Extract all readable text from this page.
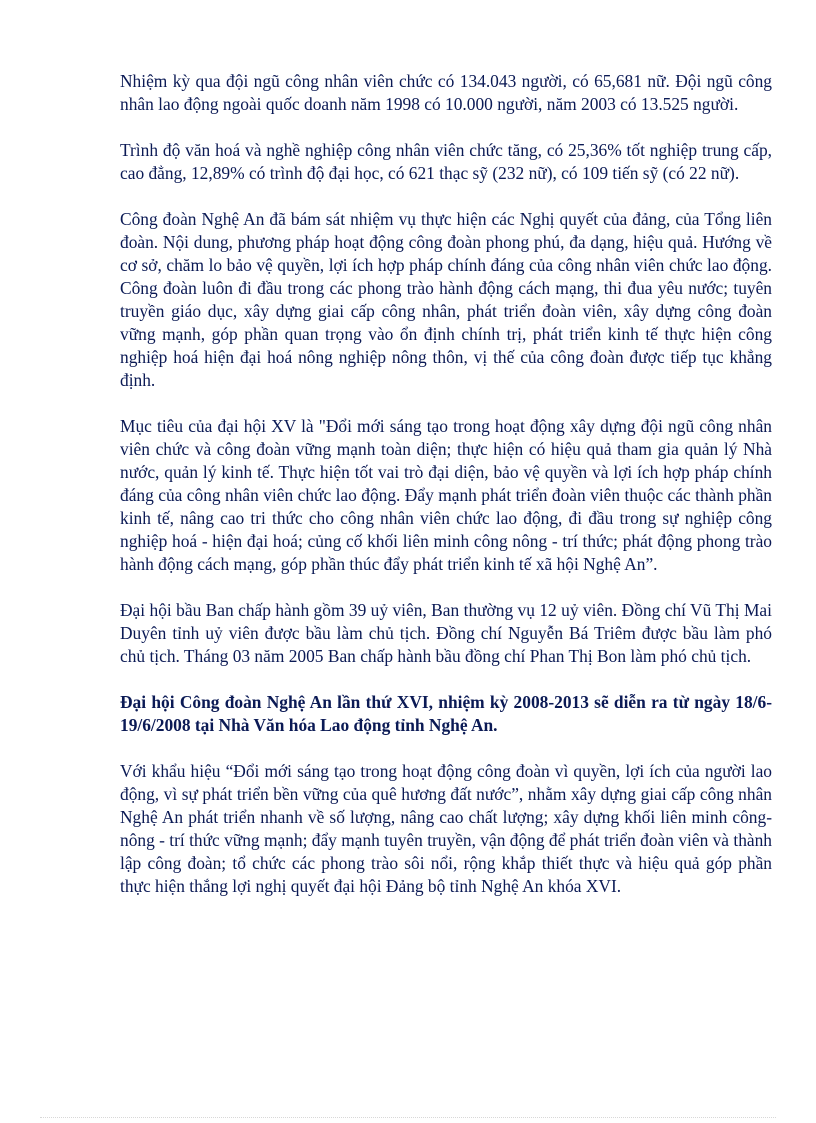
Nhiệm kỳ qua đội ngũ công nhân viên chức có 134.043 người, có 65,681 nữ. Đội ngũ công nhân lao động ngoài quốc doanh năm 1998 có 10.000 người, năm 2003 có 13.525 người.

Trình độ văn hoá và nghề nghiệp công nhân viên chức tăng, có 25,36% tốt nghiệp trung cấp, cao đẳng, 12,89% có trình độ đại học, có 621 thạc sỹ (232 nữ), có 109 tiến sỹ (có 22 nữ).

Công đoàn Nghệ An đã bám sát nhiệm vụ thực hiện các Nghị quyết của đảng, của Tổng liên đoàn. Nội dung, phương pháp hoạt động công đoàn phong phú, đa dạng, hiệu quả. Hướng về cơ sở, chăm lo bảo vệ quyền, lợi ích hợp pháp chính đáng của công nhân viên chức lao động. Công đoàn luôn đi đầu trong các phong trào hành động cách mạng, thi đua yêu nước; tuyên truyền giáo dục, xây dựng giai cấp công nhân, phát triển đoàn viên, xây dựng công đoàn vững mạnh, góp phần quan trọng vào ổn định chính trị, phát triển kinh tế thực hiện công nghiệp hoá hiện đại hoá nông nghiệp nông thôn, vị thế của công đoàn được tiếp tục khẳng định.

Mục tiêu của đại hội XV là "Đổi mới sáng tạo trong hoạt động xây dựng đội ngũ công nhân viên chức và công đoàn vững mạnh toàn diện; thực hiện có hiệu quả tham gia quản lý Nhà nước, quản lý kinh tế. Thực hiện tốt vai trò đại diện, bảo vệ quyền và lợi ích hợp pháp chính đáng của công nhân viên chức lao động. Đẩy mạnh phát triển đoàn viên thuộc các thành phần kinh tế, nâng cao tri thức cho công nhân viên chức lao động, đi đầu trong sự nghiệp công nghiệp hoá - hiện đại hoá; củng cố khối liên minh công nông - trí thức; phát động phong trào hành động cách mạng, góp phần thúc đẩy phát triển kinh tế xã hội Nghệ An”.

Đại hội bầu Ban chấp hành gồm 39 uỷ viên, Ban thường vụ 12 uỷ viên. Đồng chí Vũ Thị Mai Duyên tỉnh uỷ viên được bầu làm chủ tịch. Đồng chí Nguyễn Bá Triêm được bầu làm phó chủ tịch. Tháng 03 năm 2005 Ban chấp hành bầu đồng chí Phan Thị Bon làm phó chủ tịch.

Đại hội Công đoàn Nghệ An lần thứ XVI, nhiệm kỳ 2008-2013 sẽ diễn ra từ ngày 18/6- 19/6/2008 tại Nhà Văn hóa Lao động tỉnh Nghệ An.

Với khẩu hiệu “Đổi mới sáng tạo trong hoạt động công đoàn vì quyền, lợi ích của người lao động, vì sự phát triển bền vững của quê hương đất nước”, nhằm xây dựng giai cấp công nhân Nghệ An phát triển nhanh về số lượng, nâng cao chất lượng; xây dựng khối liên minh công- nông - trí thức vững mạnh; đẩy mạnh tuyên truyền, vận động để phát triển đoàn viên và thành lập công đoàn; tổ chức các phong trào sôi nổi, rộng khắp thiết thực và hiệu quả góp phần thực hiện thắng lợi nghị quyết đại hội Đảng bộ tỉnh Nghệ An khóa XVI.
